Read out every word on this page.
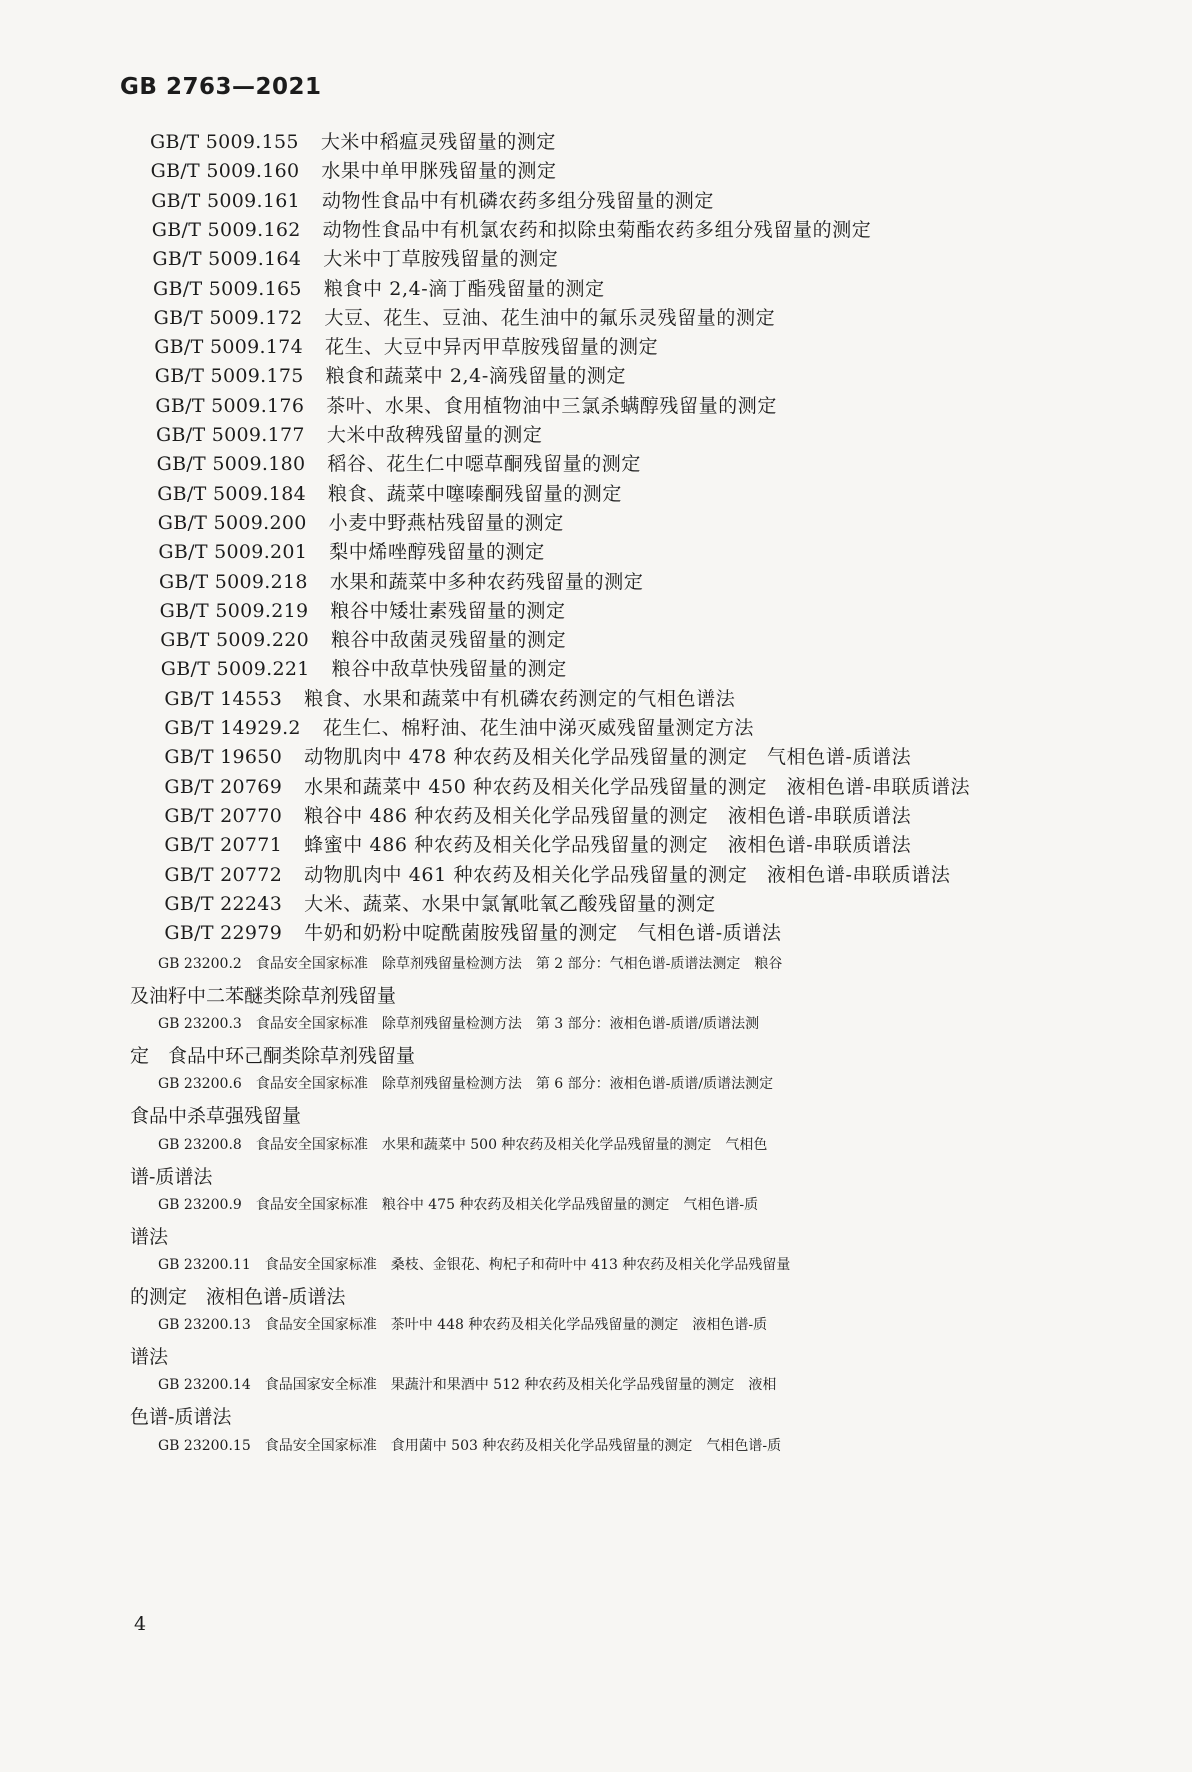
GB 2763—2021
GB/T 5009.155 大米中稻瘟灵残留量的测定
GB/T 5009.160 水果中单甲脒残留量的测定
GB/T 5009.161 动物性食品中有机磷农药多组分残留量的测定
GB/T 5009.162 动物性食品中有机氯农药和拟除虫菊酯农药多组分残留量的测定
GB/T 5009.164 大米中丁草胺残留量的测定
GB/T 5009.165 粮食中 2,4-滴丁酯残留量的测定
GB/T 5009.172 大豆、花生、豆油、花生油中的氟乐灵残留量的测定
GB/T 5009.174 花生、大豆中异丙甲草胺残留量的测定
GB/T 5009.175 粮食和蔬菜中 2,4-滴残留量的测定
GB/T 5009.176 茶叶、水果、食用植物油中三氯杀螨醇残留量的测定
GB/T 5009.177 大米中敌稗残留量的测定
GB/T 5009.180 稻谷、花生仁中噁草酮残留量的测定
GB/T 5009.184 粮食、蔬菜中噻嗪酮残留量的测定
GB/T 5009.200 小麦中野燕枯残留量的测定
GB/T 5009.201 梨中烯唑醇残留量的测定
GB/T 5009.218 水果和蔬菜中多种农药残留量的测定
GB/T 5009.219 粮谷中矮壮素残留量的测定
GB/T 5009.220 粮谷中敌菌灵残留量的测定
GB/T 5009.221 粮谷中敌草快残留量的测定
GB/T 14553 粮食、水果和蔬菜中有机磷农药测定的气相色谱法
GB/T 14929.2 花生仁、棉籽油、花生油中涕灭威残留量测定方法
GB/T 19650 动物肌肉中 478 种农药及相关化学品残留量的测定　气相色谱-质谱法
GB/T 20769 水果和蔬菜中 450 种农药及相关化学品残留量的测定　液相色谱-串联质谱法
GB/T 20770 粮谷中 486 种农药及相关化学品残留量的测定　液相色谱-串联质谱法
GB/T 20771 蜂蜜中 486 种农药及相关化学品残留量的测定　液相色谱-串联质谱法
GB/T 20772 动物肌肉中 461 种农药及相关化学品残留量的测定　液相色谱-串联质谱法
GB/T 22243 大米、蔬菜、水果中氯氰吡氧乙酸残留量的测定
GB/T 22979 牛奶和奶粉中啶酰菌胺残留量的测定　气相色谱-质谱法
GB 23200.2　食品安全国家标准　除草剂残留量检测方法　第 2 部分：气相色谱-质谱法测定　粮谷
及油籽中二苯醚类除草剂残留量
GB 23200.3　食品安全国家标准　除草剂残留量检测方法　第 3 部分：液相色谱-质谱/质谱法测
定　食品中环己酮类除草剂残留量
GB 23200.6　食品安全国家标准　除草剂残留量检测方法　第 6 部分：液相色谱-质谱/质谱法测定
食品中杀草强残留量
GB 23200.8　食品安全国家标准　水果和蔬菜中 500 种农药及相关化学品残留量的测定　气相色
谱-质谱法
GB 23200.9　食品安全国家标准　粮谷中 475 种农药及相关化学品残留量的测定　气相色谱-质
谱法
GB 23200.11　食品安全国家标准　桑枝、金银花、枸杞子和荷叶中 413 种农药及相关化学品残留量
的测定　液相色谱-质谱法
GB 23200.13　食品安全国家标准　茶叶中 448 种农药及相关化学品残留量的测定　液相色谱-质
谱法
GB 23200.14　食品国家安全标准　果蔬汁和果酒中 512 种农药及相关化学品残留量的测定　液相
色谱-质谱法
GB 23200.15　食品安全国家标准　食用菌中 503 种农药及相关化学品残留量的测定　气相色谱-质
4
